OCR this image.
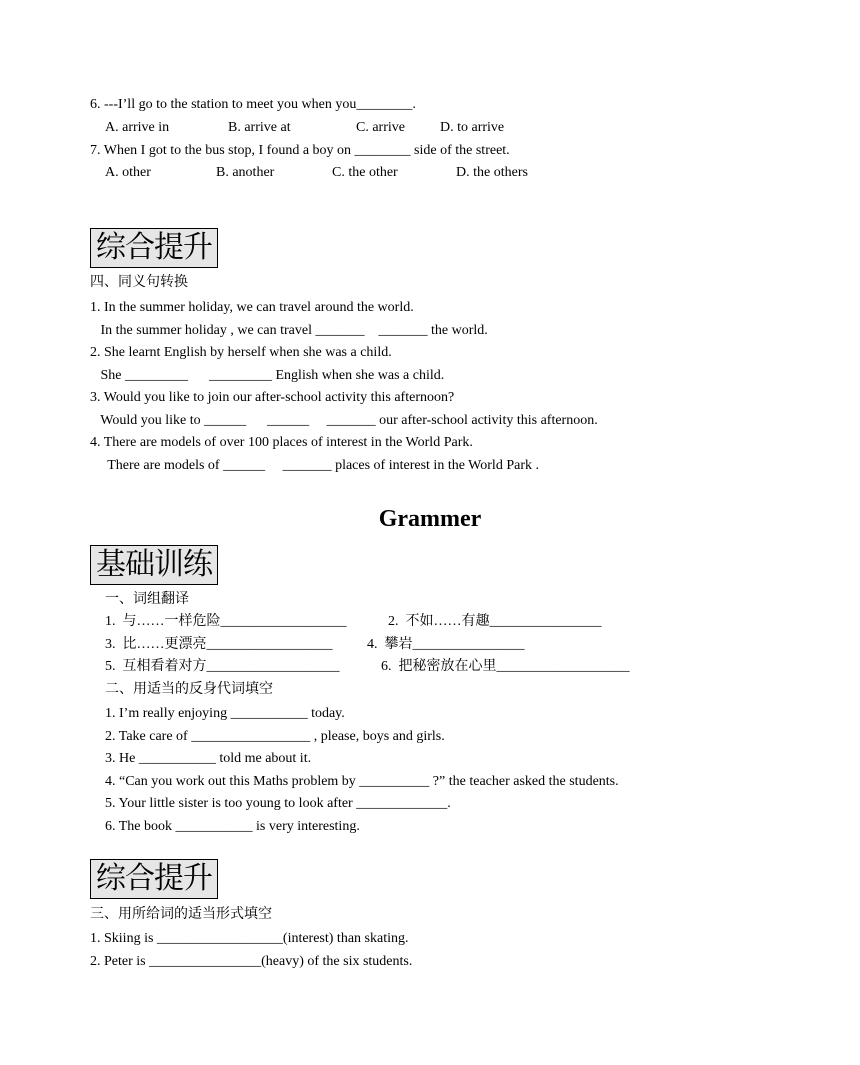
6. ---I’ll go to the station to meet you when you________.
A. arrive in	B. arrive at	C. arrive	D. to arrive
7. When I got to the bus stop, I found a boy on ________ side of the street.
A. other	B. another	C. the other	D. the others
综合提升
四、同义句转换
1. In the summer holiday, we can travel around the world.
In the summer holiday , we can travel _______    _______ the world.
2. She learnt English by herself when she was a child.
She _________      _________ English when she was a child.
3. Would you like to join our after-school activity this afternoon?
Would you like to ______      ______     _______ our after-school activity this afternoon.
4. There are models of over 100 places of interest in the World Park.
There are models of ______     _______ places of interest in the World Park .
Grammer
基础训练
一、词组翻译
1.  与……一样危险__________________	2.  不如……有趣________________
3.  比……更漂亮__________________ 4.  攀岩________________
5.  互相看着对方___________________	6.  把秘密放在心里___________________
二、用适当的反身代词填空
1. I’m really enjoying ___________ today.
2. Take care of _________________ , please, boys and girls.
3. He ___________ told me about it.
4. “Can you work out this Maths problem by __________ ?” the teacher asked the students.
5. Your little sister is too young to look after _____________.
6. The book ___________ is very interesting.
综合提升
三、用所给词的适当形式填空
1. Skiing is __________________(interest) than skating.
2. Peter is ________________(heavy) of the six students.
